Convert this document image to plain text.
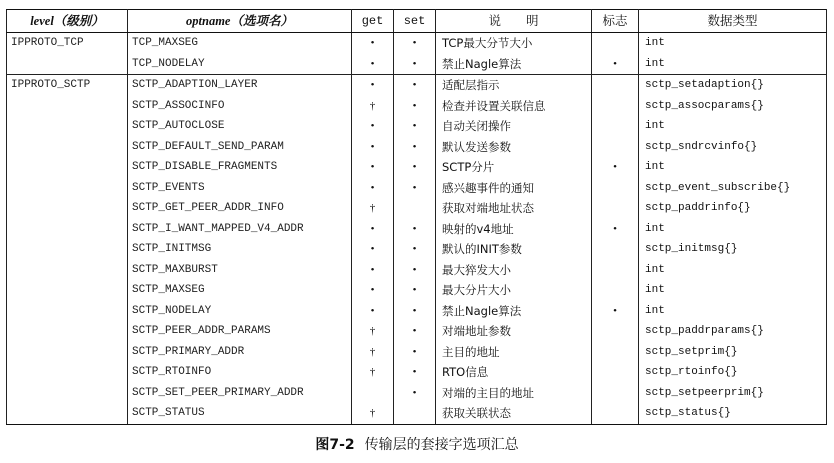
level（级别）	optname（选项名）	get	set	说　　明	标志	数据类型
IPPROTO_TCP	TCP_MAXSEG	•	•	TCP最大分节大小		int
	TCP_NODELAY	•	•	禁止Nagle算法	•	int
IPPROTO_SCTP	SCTP_ADAPTION_LAYER	•	•	适配层指示		sctp_setadaption{}
	SCTP_ASSOCINFO	†	•	检查并设置关联信息		sctp_assocparams{}
	SCTP_AUTOCLOSE	•	•	自动关闭操作		int
	SCTP_DEFAULT_SEND_PARAM	•	•	默认发送参数		sctp_sndrcvinfo{}
	SCTP_DISABLE_FRAGMENTS	•	•	SCTP分片	•	int
	SCTP_EVENTS	•	•	感兴趣事件的通知		sctp_event_subscribe{}
	SCTP_GET_PEER_ADDR_INFO	†		获取对端地址状态		sctp_paddrinfo{}
	SCTP_I_WANT_MAPPED_V4_ADDR	•	•	映射的v4地址	•	int
	SCTP_INITMSG	•	•	默认的INIT参数		sctp_initmsg{}
	SCTP_MAXBURST	•	•	最大猝发大小		int
	SCTP_MAXSEG	•	•	最大分片大小		int
	SCTP_NODELAY	•	•	禁止Nagle算法	•	int
	SCTP_PEER_ADDR_PARAMS	†	•	对端地址参数		sctp_paddrparams{}
	SCTP_PRIMARY_ADDR	†	•	主目的地址		sctp_setprim{}
	SCTP_RTOINFO	†	•	RTO信息		sctp_rtoinfo{}
	SCTP_SET_PEER_PRIMARY_ADDR		•	对端的主目的地址		sctp_setpeerprim{}
	SCTP_STATUS	†		获取关联状态		sctp_status{}
图7-2 传输层的套接字选项汇总
